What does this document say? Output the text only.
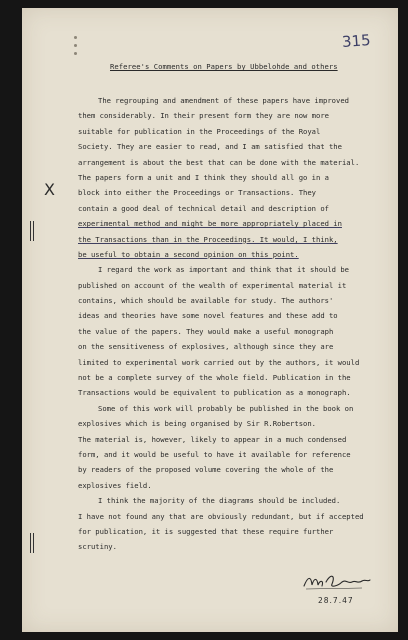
315
Referee's Comments on Papers by Ubbelohde and others
The regrouping and amendment of these papers have improved
them considerably. In their present form they are now more
suitable for publication in the Proceedings of the Royal
Society. They are easier to read, and I am satisfied that the
arrangement is about the best that can be done with the material.
The papers form a unit and I think they should all go in a
block into either the Proceedings or Transactions. They
contain a good deal of technical detail and description of
experimental method and might be more appropriately placed in
the Transactions than in the Proceedings. It would, I think,
be useful to obtain a second opinion on this point.
I regard the work as important and think that it should be
published on account of the wealth of experimental material it
contains, which should be available for study. The authors'
ideas and theories have some novel features and these add to
the value of the papers. They would make a useful monograph
on the sensitiveness of explosives, although since they are
limited to experimental work carried out by the authors, it would
not be a complete survey of the whole field. Publication in the
Transactions would be equivalent to publication as a monograph.
Some of this work will probably be published in the book on
explosives which is being organised by Sir R.Robertson.
The material is, however, likely to appear in a much condensed
form, and it would be useful to have it available for reference
by readers of the proposed volume covering the whole of the
explosives field.
I think the majority of the diagrams should be included.
I have not found any that are obviously redundant, but if accepted
for publication, it is suggested that these require further
scrutiny.
X
28.7.47
